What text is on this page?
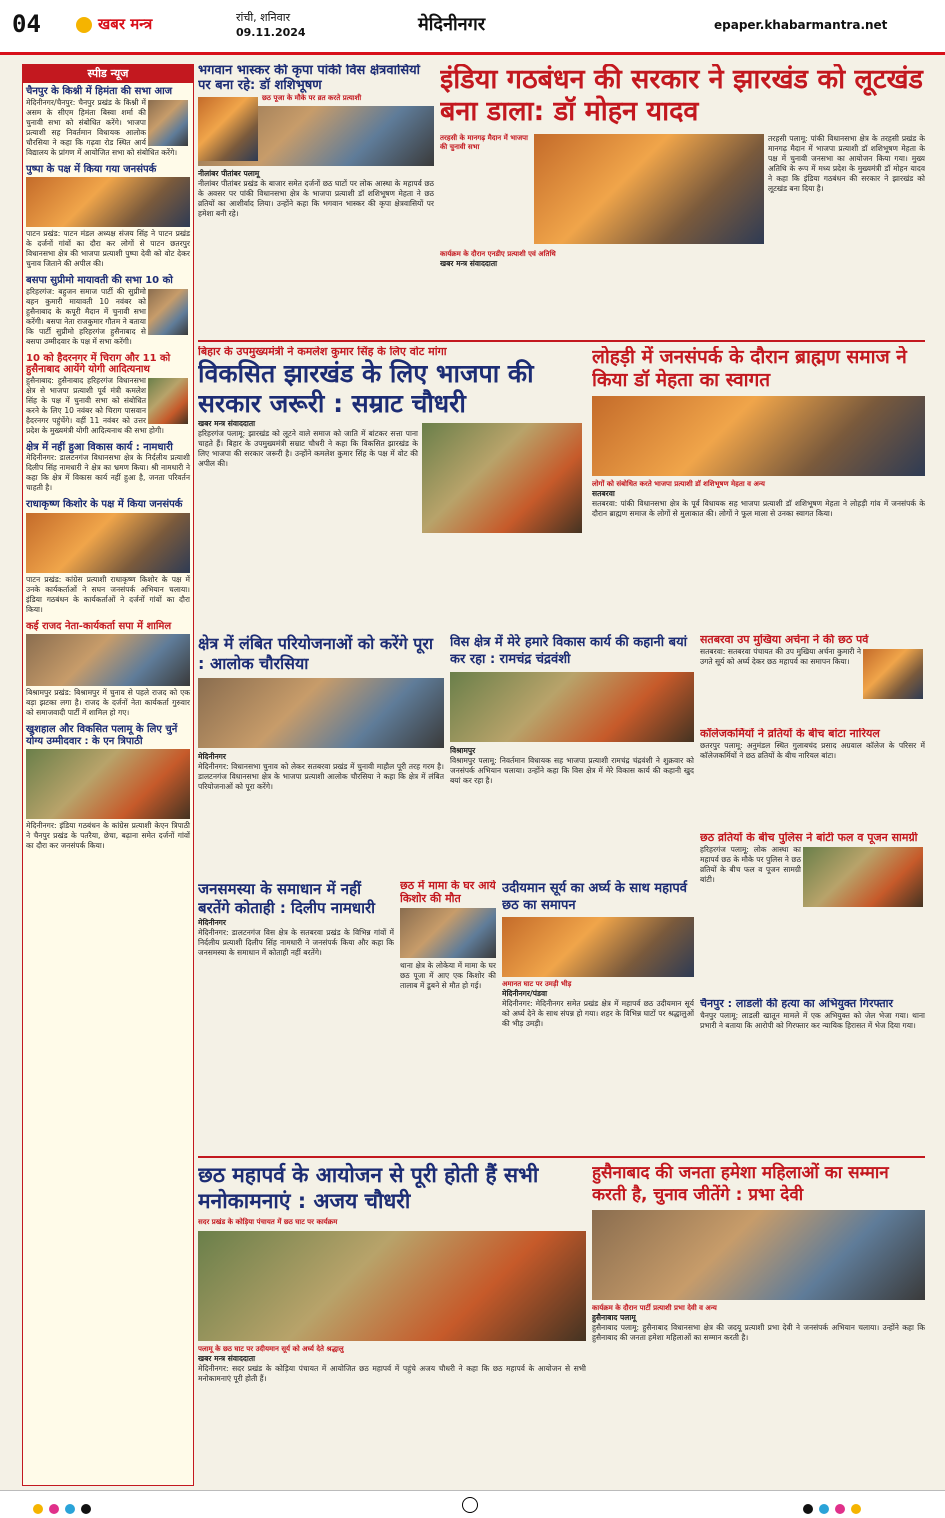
04	खबर मन्त्र	रांची, शनिवार
09.11.2024	मेदिनीनगर	epaper.khabarmantra.net
स्पीड न्यूज
चैनपुर के किश्नी में हिमंता की सभा आज
मेदिनीनगर/चैनपुर: चैनपुर प्रखंड के किश्नी में असम के सीएम हिमंता बिस्वा शर्मा की चुनावी सभा को संबोधित करेंगे। भाजपा प्रत्याशी सह निवर्तमान विधायक आलोक चौरसिया ने कहा कि गढ़वा रोड स्थित आर्य विद्यालय के प्रांगण में आयोजित सभा को संबोधित करेंगे।
पुष्पा के पक्ष में किया गया जनसंपर्क
पाटन प्रखंड: पाटन मंडल अध्यक्ष संजय सिंह ने पाटन प्रखंड के दर्जनों गांवों का दौरा कर लोगों से पाटन छतरपुर विधानसभा क्षेत्र की भाजपा प्रत्याशी पुष्पा देवी को वोट देकर चुनाव जिताने की अपील की।
बसपा सुप्रीमो मायावती की सभा 10 को
हरिहरगंज: बहुजन समाज पार्टी की सुप्रीमो बहन कुमारी मायावती 10 नवंबर को हुसैनाबाद के कपूरी मैदान में चुनावी सभा करेंगी। बसपा नेता राजकुमार गौतम ने बताया कि पार्टी सुप्रीमो हरिहरगंज हुसैनाबाद से बसपा उम्मीदवार के पक्ष में सभा करेंगी।
10 को हैदरनगर में चिराग और 11 को हुसैनाबाद आयेंगे योगी आदित्यनाथ
हुसैनाबाद: हुसैनाबाद हरिहरगंज विधानसभा क्षेत्र से भाजपा प्रत्याशी पूर्व मंत्री कमलेश सिंह के पक्ष में चुनावी सभा को संबोधित करने के लिए 10 नवंबर को चिराग पासवान हैदरनगर पहुंचेंगे। वहीं 11 नवंबर को उत्तर प्रदेश के मुख्यमंत्री योगी आदित्यनाथ की सभा होगी।
क्षेत्र में नहीं हुआ विकास कार्य : नामधारी
मेदिनीनगर: डालटनगंज विधानसभा क्षेत्र के निर्दलीय प्रत्याशी दिलीप सिंह नामधारी ने क्षेत्र का भ्रमण किया। श्री नामधारी ने कहा कि क्षेत्र में विकास कार्य नहीं हुआ है, जनता परिवर्तन चाहती है।
राधाकृष्ण किशोर के पक्ष में किया जनसंपर्क
पाटन प्रखंड: कांग्रेस प्रत्याशी राधाकृष्ण किशोर के पक्ष में उनके कार्यकर्ताओं ने सघन जनसंपर्क अभियान चलाया। इंडिया गठबंधन के कार्यकर्ताओं ने दर्जनों गांवों का दौरा किया।
कई राजद नेता-कार्यकर्ता सपा में शामिल
बिश्रामपुर प्रखंड: बिश्रामपुर में चुनाव से पहले राजद को एक बड़ा झटका लगा है। राजद के दर्जनों नेता कार्यकर्ता गुरुवार को समाजवादी पार्टी में शामिल हो गए।
खुशहाल और विकसित पलामू के लिए चुनें योग्य उम्मीदवार : के एन त्रिपाठी
मेदिनीनगर: इंडिया गठबंधन के कांग्रेस प्रत्याशी केएन त्रिपाठी ने चैनपुर प्रखंड के पतरैया, छेचा, बढ़ाना समेत दर्जनों गांवों का दौरा कर जनसंपर्क किया।
भगवान भास्कर की कृपा पांकी विस क्षेत्रवासियों पर बना रहे: डॉ शशिभूषण
छठ पूजा के मौके पर व्रत करते प्रत्याशी
नीलांबर पीतांबर पलामू
नीलांबर पीतांबर प्रखंड के बाजार समेत दर्जनों छठ घाटों पर लोक आस्था के महापर्व छठ के अवसर पर पांकी विधानसभा क्षेत्र के भाजपा प्रत्याशी डॉ शशिभूषण मेहता ने छठ व्रतियों का आशीर्वाद लिया। उन्होंने कहा कि भगवान भास्कर की कृपा क्षेत्रवासियों पर हमेशा बनी रहे।
इंडिया गठबंधन की सरकार ने झारखंड को लूटखंड बना डाला: डॉ मोहन यादव
तरहसी के मानगढ़ मैदान में भाजपा की चुनावी सभा
तरहसी पलामू: पांकी विधानसभा क्षेत्र के तरहसी प्रखंड के मानगढ़ मैदान में भाजपा प्रत्याशी डॉ शशिभूषण मेहता के पक्ष में चुनावी जनसभा का आयोजन किया गया। मुख्य अतिथि के रूप में मध्य प्रदेश के मुख्यमंत्री डॉ मोहन यादव ने कहा कि इंडिया गठबंधन की सरकार ने झारखंड को लूटखंड बना दिया है।
कार्यक्रम के दौरान एनडीए प्रत्याशी एवं अतिथि
खबर मन्त्र संवाददाता
बिहार के उपमुख्यमंत्री ने कमलेश कुमार सिंह के लिए वोट मांगा
विकसित झारखंड के लिए भाजपा की सरकार जरूरी : सम्राट चौधरी
खबर मन्त्र संवाददाता
हरिहरगंज पलामू: झारखंड को लूटने वाले समाज को जाति में बांटकर सत्ता पाना चाहते हैं। बिहार के उपमुख्यमंत्री सम्राट चौधरी ने कहा कि विकसित झारखंड के लिए भाजपा की सरकार जरूरी है। उन्होंने कमलेश कुमार सिंह के पक्ष में वोट की अपील की।
लोहड़ी में जनसंपर्क के दौरान ब्राह्मण समाज ने किया डॉ मेहता का स्वागत
लोगों को संबोधित करते भाजपा प्रत्याशी डॉ शशिभूषण मेहता व अन्य
सतबरवा
सतबरवा: पांकी विधानसभा क्षेत्र के पूर्व विधायक सह भाजपा प्रत्याशी डॉ शशिभूषण मेहता ने लोहड़ी गांव में जनसंपर्क के दौरान ब्राह्मण समाज के लोगों से मुलाकात की। लोगों ने फूल माला से उनका स्वागत किया।
क्षेत्र में लंबित परियोजनाओं को करेंगे पूरा : आलोक चौरसिया
मेदिनीनगर
मेदिनीनगर: विधानसभा चुनाव को लेकर सतबरवा प्रखंड में चुनावी माहौल पूरी तरह गरम है। डालटनगंज विधानसभा क्षेत्र के भाजपा प्रत्याशी आलोक चौरसिया ने कहा कि क्षेत्र में लंबित परियोजनाओं को पूरा करेंगे।
विस क्षेत्र में मेरे हमारे विकास कार्य की कहानी बयां कर रहा : रामचंद्र चंद्रवंशी
विश्रामपुर
विश्रामपुर पलामू: निवर्तमान विधायक सह भाजपा प्रत्याशी रामचंद्र चंद्रवंशी ने शुक्रवार को जनसंपर्क अभियान चलाया। उन्होंने कहा कि विस क्षेत्र में मेरे विकास कार्य की कहानी खुद बयां कर रहा है।
सतबरवा उप मुखिया अर्चना ने की छठ पर्व
सतबरवा: सतबरवा पंचायत की उप मुखिया अर्चना कुमारी ने उगते सूर्य को अर्घ्य देकर छठ महापर्व का समापन किया।
कॉलेजकर्मियों ने व्रतियों के बीच बांटा नारियल
छतरपुर पलामू: अनुमंडल स्थित गुलाबचंद प्रसाद अग्रवाल कॉलेज के परिसर में कॉलेजकर्मियों ने छठ व्रतियों के बीच नारियल बांटा।
छठ व्रतियों के बीच पुलिस ने बांटी फल व पूजन सामग्री
हरिहरगंज पलामू: लोक आस्था का महापर्व छठ के मौके पर पुलिस ने छठ व्रतियों के बीच फल व पूजन सामग्री बांटी।
चैनपुर : लाडली की हत्या का अभियुक्त गिरफ्तार
चैनपुर पलामू: लाडली खातून मामले में एक अभियुक्त को जेल भेजा गया। थाना प्रभारी ने बताया कि आरोपी को गिरफ्तार कर न्यायिक हिरासत में भेज दिया गया।
जनसमस्या के समाधान में नहीं बरतेंगे कोताही : दिलीप नामधारी
मेदिनीनगर
मेदिनीनगर: डालटनगंज विस क्षेत्र के सतबरवा प्रखंड के विभिन्न गांवों में निर्दलीय प्रत्याशी दिलीप सिंह नामधारी ने जनसंपर्क किया और कहा कि जनसमस्या के समाधान में कोताही नहीं बरतेंगे।
छठ में मामा के घर आये किशोर की मौत
थाना क्षेत्र के लोकेया में मामा के घर छठ पूजा में आए एक किशोर की तालाब में डूबने से मौत हो गई।
उदीयमान सूर्य का अर्घ्य के साथ महापर्व छठ का समापन
अमानत घाट पर उमड़ी भीड़
मेदिनीनगर/पंडवा
मेदिनीनगर: मेदिनीनगर समेत प्रखंड क्षेत्र में महापर्व छठ उदीयमान सूर्य को अर्घ्य देने के साथ संपन्न हो गया। शहर के विभिन्न घाटों पर श्रद्धालुओं की भीड़ उमड़ी।
छठ महापर्व के आयोजन से पूरी होती हैं सभी मनोकामनाएं : अजय चौधरी
सदर प्रखंड के कोड़िया पंचायत में छठ घाट पर कार्यक्रम
पलामू के छठ घाट पर उदीयमान सूर्य को अर्घ्य देते श्रद्धालु
खबर मन्त्र संवाददाता
मेदिनीनगर: सदर प्रखंड के कोड़िया पंचायत में आयोजित छठ महापर्व में पहुंचे अजय चौधरी ने कहा कि छठ महापर्व के आयोजन से सभी मनोकामनाएं पूरी होती हैं।
हुसैनाबाद की जनता हमेशा महिलाओं का सम्मान करती है, चुनाव जीतेंगे : प्रभा देवी
कार्यक्रम के दौरान पार्टी प्रत्याशी प्रभा देवी व अन्य
हुसैनाबाद पलामू
हुसैनाबाद पलामू: हुसैनाबाद विधानसभा क्षेत्र की जदयू प्रत्याशी प्रभा देवी ने जनसंपर्क अभियान चलाया। उन्होंने कहा कि हुसैनाबाद की जनता हमेशा महिलाओं का सम्मान करती है।
